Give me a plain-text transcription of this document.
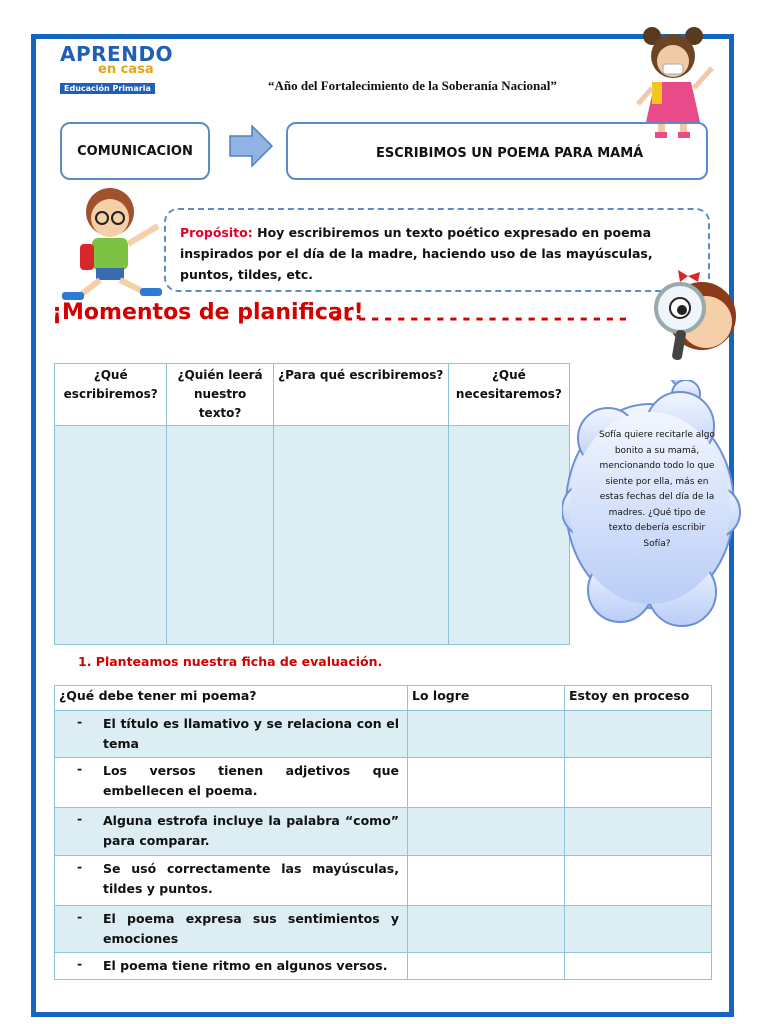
APRENDO
en casa
Educación Primaria	“Año del Fortalecimiento de la Soberanía Nacional”
COMUNICACION	ESCRIBIMOS UN POEMA PARA MAMÁ
Propósito: Hoy escribiremos un texto poético expresado en poema inspirados por el día de la madre, haciendo uso de las mayúsculas, puntos, tildes, etc.
¡Momentos de planificar!
-----------------------
¿Qué escribiremos?	¿Quién leerá nuestro texto?	¿Para qué escribiremos?	¿Qué necesitaremos?

Sofía quiere recitarle algo bonito a su mamá, mencionando todo lo que siente por ella, más en estas fechas del día de la madres. ¿Qué tipo de texto debería escribir Sofía?
1. Planteamos nuestra ficha de evaluación.
¿Qué debe tener mi poema?	Lo logre	Estoy en proceso

- El título es llamativo y se relaciona con el tema		

- Los versos tienen adjetivos que embellecen el poema.		

- Alguna estrofa incluye la palabra “como” para comparar.		

- Se usó correctamente las mayúsculas, tildes y puntos.		

- El poema expresa sus sentimientos y emociones		

- El poema tiene ritmo en algunos versos.		
